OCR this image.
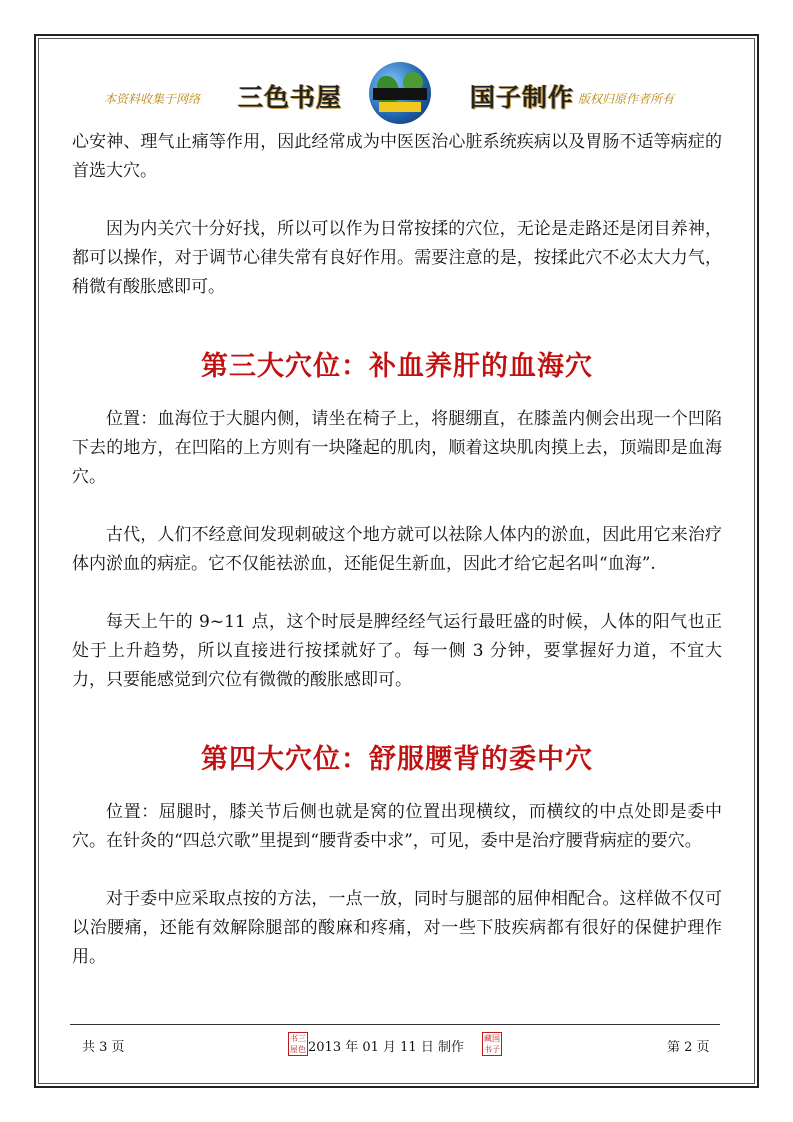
本资料收集于网络 三色书屋	国子制作 版权归原作者所有

心安神、理气止痛等作用，因此经常成为中医医治心脏系统疾病以及胃肠不适等病症的首选大穴。

因为内关穴十分好找，所以可以作为日常按揉的穴位，无论是走路还是闭目养神，都可以操作，对于调节心律失常有良好作用。需要注意的是，按揉此穴不必太大力气，稍微有酸胀感即可。

第三大穴位：补血养肝的血海穴

位置：血海位于大腿内侧，请坐在椅子上，将腿绷直，在膝盖内侧会出现一个凹陷下去的地方，在凹陷的上方则有一块隆起的肌肉，顺着这块肌肉摸上去，顶端即是血海穴。

古代，人们不经意间发现刺破这个地方就可以祛除人体内的淤血，因此用它来治疗体内淤血的病症。它不仅能祛淤血，还能促生新血，因此才给它起名叫“血海”.

每天上午的 9~11 点，这个时辰是脾经经气运行最旺盛的时候，人体的阳气也正处于上升趋势，所以直接进行按揉就好了。每一侧 3 分钟，要掌握好力道，不宜大力，只要能感觉到穴位有微微的酸胀感即可。

第四大穴位：舒服腰背的委中穴

位置：屈腿时，膝关节后侧也就是窝的位置出现横纹，而横纹的中点处即是委中穴。在针灸的“四总穴歌”里提到“腰背委中求”，可见，委中是治疗腰背病症的要穴。

对于委中应采取点按的方法，一点一放，同时与腿部的屈伸相配合。这样做不仅可以治腰痛，还能有效解除腿部的酸麻和疼痛，对一些下肢疾病都有很好的保健护理作用。

共 3 页
书三屋色 2013 年 01 月 11 日 制作
藏国书子	第 2 页
